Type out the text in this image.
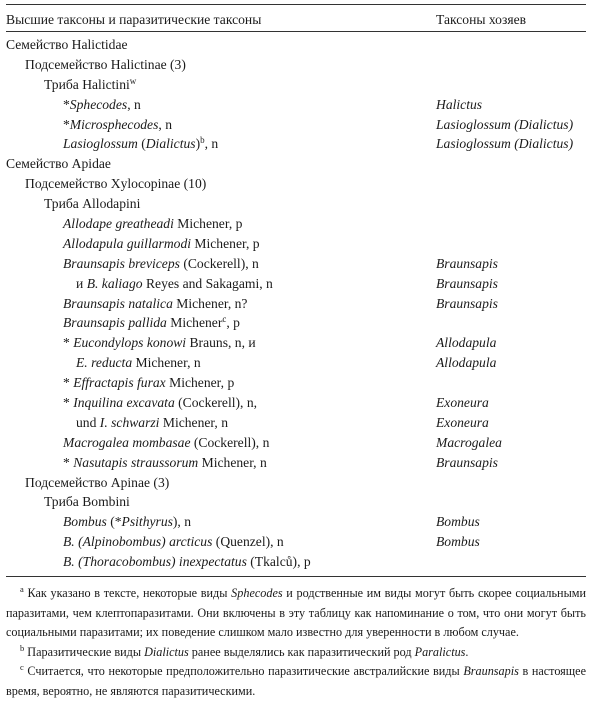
Высшие таксоны и паразитические таксоны	Таксоны хозяев
Семейство Halictidae
Подсемейство Halictinae (3)
Триба Halictini$^w$
*Sphecodes, n	Halictus
*Microsphecodes, n	Lasioglossum (Dialictus)
Lasioglossum (Dialictus)$^b$, n	Lasioglossum (Dialictus)
Семейство Apidae
Подсемейство Xylocopinae (10)
Триба Allodapini
Allodape greatheadi Michener, p
Allodapula guillarmodi Michener, p
Braunsapis breviceps (Cockerell), n	Braunsapis
и B. kaliago Reyes and Sakagami, n	Braunsapis
Braunsapis natalica Michener, n?	Braunsapis
Braunsapis pallida Michener$^c$, p
* Eucondylops konowi Brauns, n, и	Allodapula
E. reducta Michener, n	Allodapula
* Effractapis furax Michener, p
* Inquilina excavata (Cockerell), n,	Exoneura
und I. schwarzi Michener, n	Exoneura
Macrogalea mombasae (Cockerell), n	Macrogalea
* Nasutapis straussorum Michener, n	Braunsapis
Подсемейство Apinae (3)
Триба Bombini
Bombus (*Psithyrus), n	Bombus
B. (Alpinobombus) arcticus (Quenzel), n	Bombus
B. (Thoracobombus) inexpectatus (Tkalců), p

$^a$ Как указано в тексте, некоторые виды Sphecodes и родственные им виды могут быть скорее социальными паразитами, чем клептопаразитами. Они включены в эту таблицу как напоминание о том, что они могут быть социальными паразитами; их поведение слишком мало известно для уверенности в любом случае.

$^b$ Паразитические виды Dialictus ранее выделялись как паразитический род Paralictus.

$^c$ Считается, что некоторые предположительно паразитические австралийские виды Braunsapis в настоящее время, вероятно, не являются паразитическими.
